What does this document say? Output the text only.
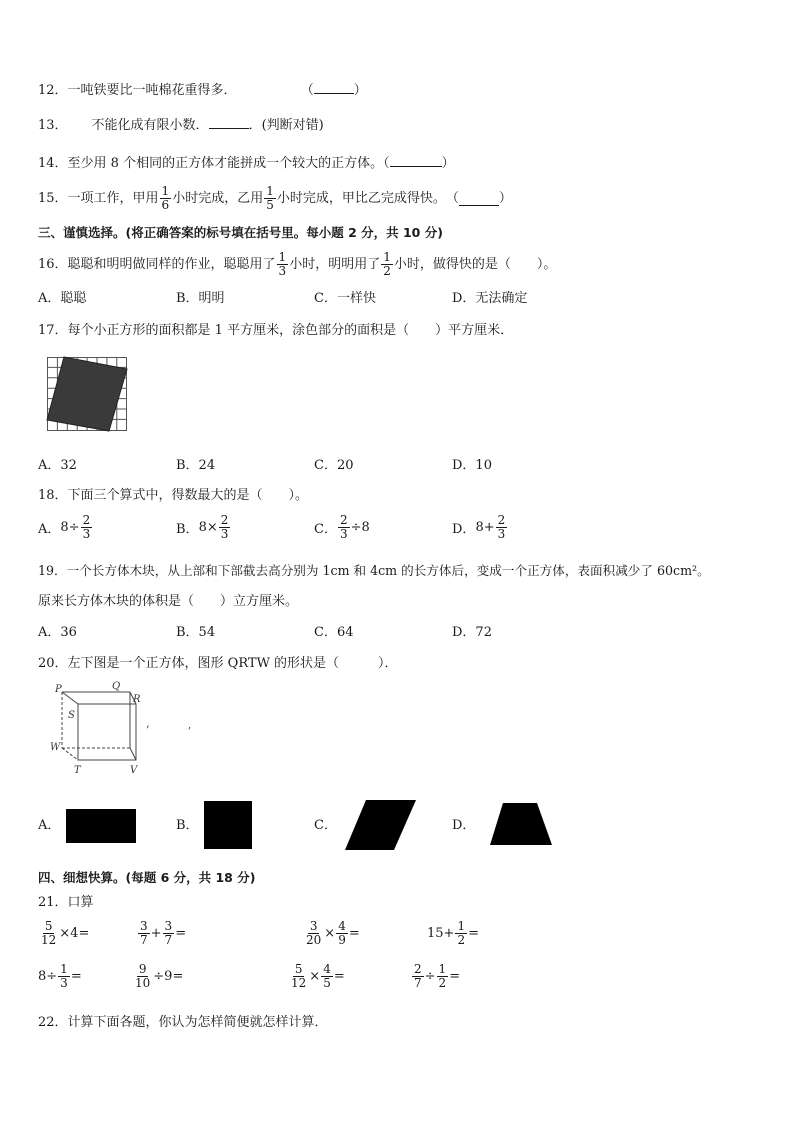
12．一吨铁要比一吨棉花重得多．	（	）
13． 不能化成有限小数．	．(判断对错)
14．至少用 8 个相同的正方体才能拼成一个较大的正方体。（	）
15．一项工作，甲用 $\frac{1}{6}$ 小时完成，乙用 $\frac{1}{5}$ 小时完成，甲比乙完成得快。 （	）
三、谨慎选择。(将正确答案的标号填在括号里。每小题 2 分，共 10 分)
16．聪聪和明明做同样的作业，聪聪用了 $\frac{1}{3}$ 小时，明明用了 $\frac{1}{2}$ 小时，做得快的是（　　）。
A．聪聪	B．明明	C．一样快	D．无法确定
17．每个小正方形的面积都是 1 平方厘米，涂色部分的面积是（　　）平方厘米．
A．32	B．24	C．20	D．10
18．下面三个算式中，得数最大的是（　　）。
A． $8\div \frac{2}{3}$	B． $8\times \frac{2}{3}$	C． $\frac{2}{3} \div 8$	D． $8+ \frac{2}{3}$
19．一个长方体木块，从上部和下部截去高分别为 1cm 和 4cm 的长方体后，变成一个正方体，表面积减少了 60cm²。
原来长方体木块的体积是（　　）立方厘米。
A．36	B．54	C．64	D．72
20．左下图是一个正方体，图形 QRTW 的形状是（　　　）．
P	Q
R
S
W
T	V
,
,
A．	B．	C．	D．
四、细想快算。(每题 6 分，共 18 分)
21．口算
$\frac{5}{12} \times 4=$	$\frac{3}{7} + \frac{3}{7}$ =	$\frac{3}{20} \times \frac{4}{9}$ =	$15+ \frac{1}{2}$ =
$8\div \frac{1}{3}$ =	$\frac{9}{10} \div 9=$	$\frac{5}{12} \times \frac{4}{5}$ =	$\frac{2}{7} \div \frac{1}{2}$ =
22．计算下面各题，你认为怎样简便就怎样计算．
